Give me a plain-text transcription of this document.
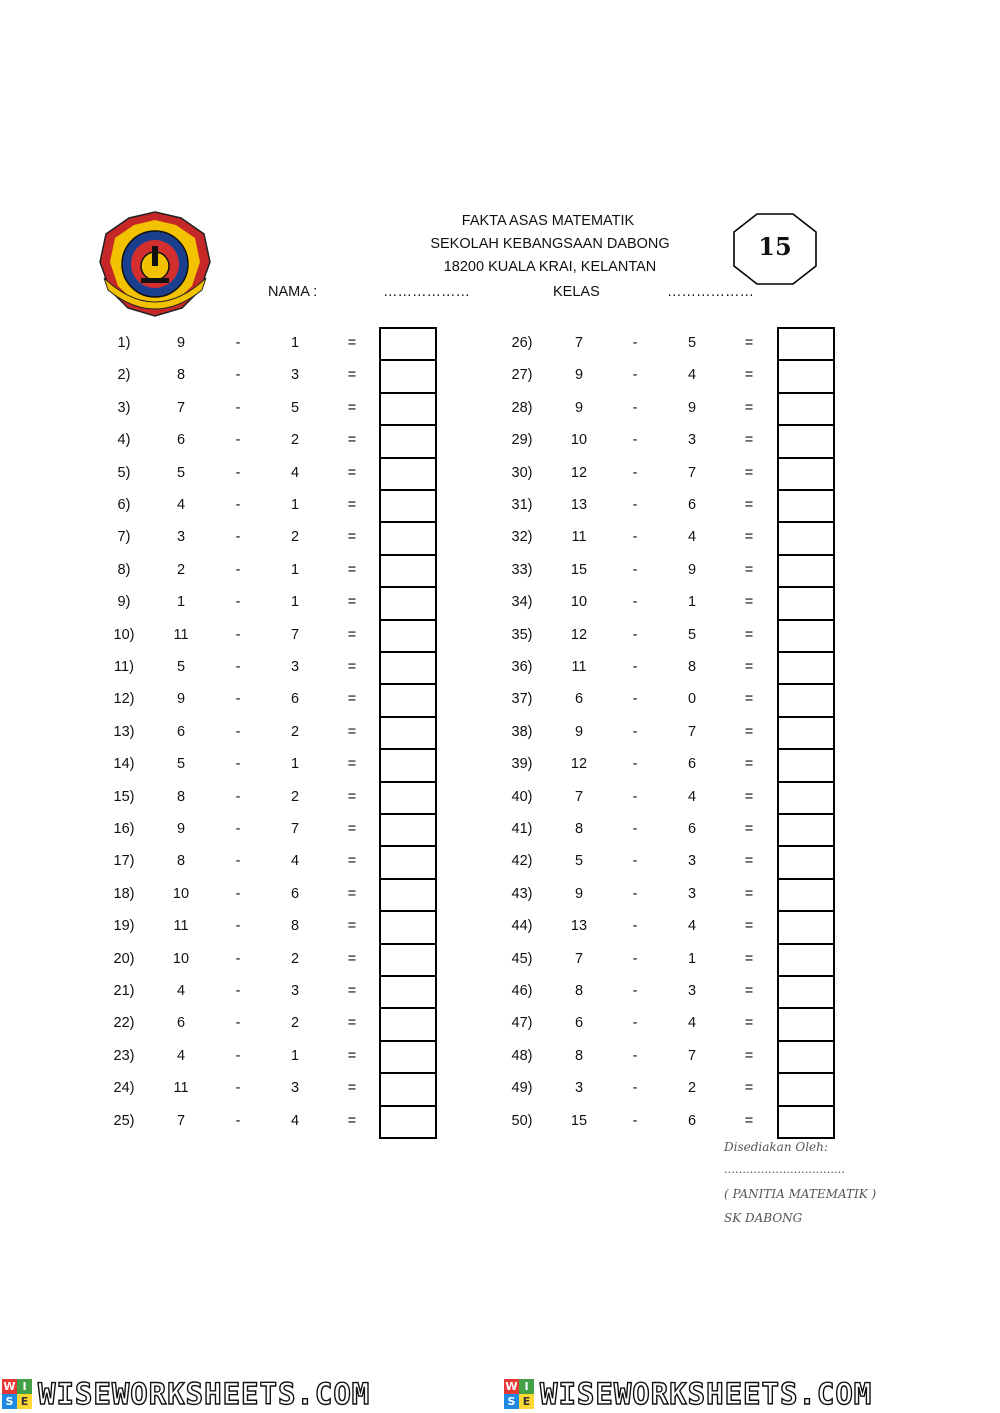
FAKTA ASAS MATEMATIK
SEKOLAH KEBANGSAAN DABONG
18200 KUALA KRAI, KELANTAN
NAMA :	………………	KELAS	………………
15
1)	9	-	1	=
2)	8	-	3	=
3)	7	-	5	=
4)	6	-	2	=
5)	5	-	4	=
6)	4	-	1	=
7)	3	-	2	=
8)	2	-	1	=
9)	1	-	1	=
10)	11	-	7	=
11)	5	-	3	=
12)	9	-	6	=
13)	6	-	2	=
14)	5	-	1	=
15)	8	-	2	=
16)	9	-	7	=
17)	8	-	4	=
18)	10	-	6	=
19)	11	-	8	=
20)	10	-	2	=
21)	4	-	3	=
22)	6	-	2	=
23)	4	-	1	=
24)	11	-	3	=
25)	7	-	4	=
26)	7	-	5	=
27)	9	-	4	=
28)	9	-	9	=
29)	10	-	3	=
30)	12	-	7	=
31)	13	-	6	=
32)	11	-	4	=
33)	15	-	9	=
34)	10	-	1	=
35)	12	-	5	=
36)	11	-	8	=
37)	6	-	0	=
38)	9	-	7	=
39)	12	-	6	=
40)	7	-	4	=
41)	8	-	6	=
42)	5	-	3	=
43)	9	-	3	=
44)	13	-	4	=
45)	7	-	1	=
46)	8	-	3	=
47)	6	-	4	=
48)	8	-	7	=
49)	3	-	2	=
50)	15	-	6	=
Disediakan Oleh:
……………………………
( PANITIA MATEMATIK )
SK DABONG
W I
S E WISEWORKSHEETS.COM	W I
S E WISEWORKSHEETS.COM
